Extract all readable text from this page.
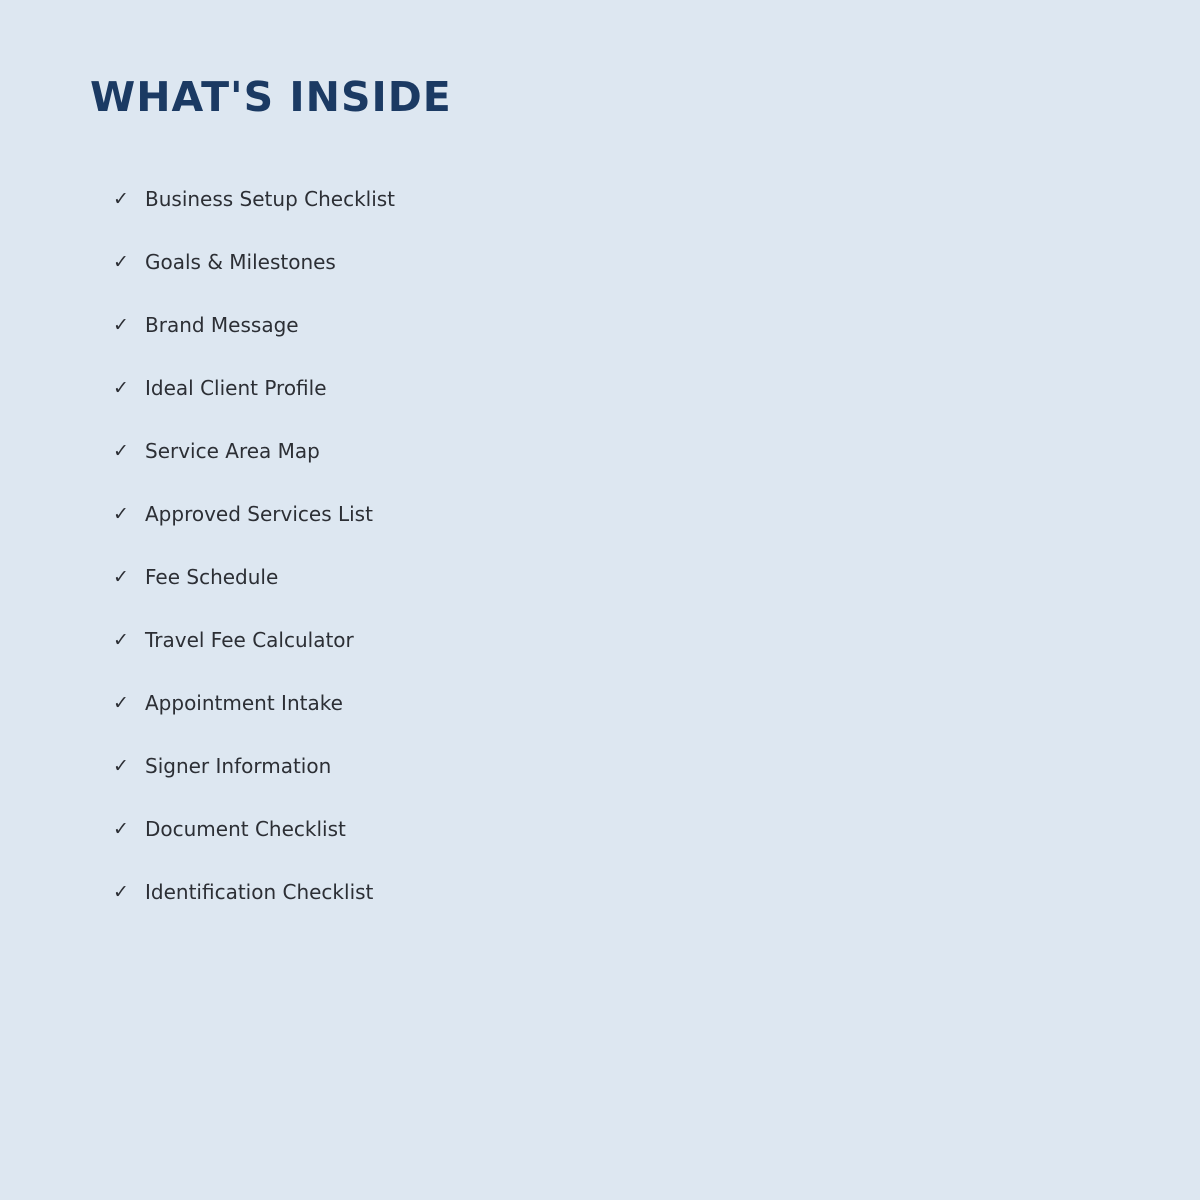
WHAT'S INSIDE
✓ Business Setup Checklist
✓ Goals & Milestones
✓ Brand Message
✓ Ideal Client Profile
✓ Service Area Map
✓ Approved Services List
✓ Fee Schedule
✓ Travel Fee Calculator
✓ Appointment Intake
✓ Signer Information
✓ Document Checklist
✓ Identification Checklist
